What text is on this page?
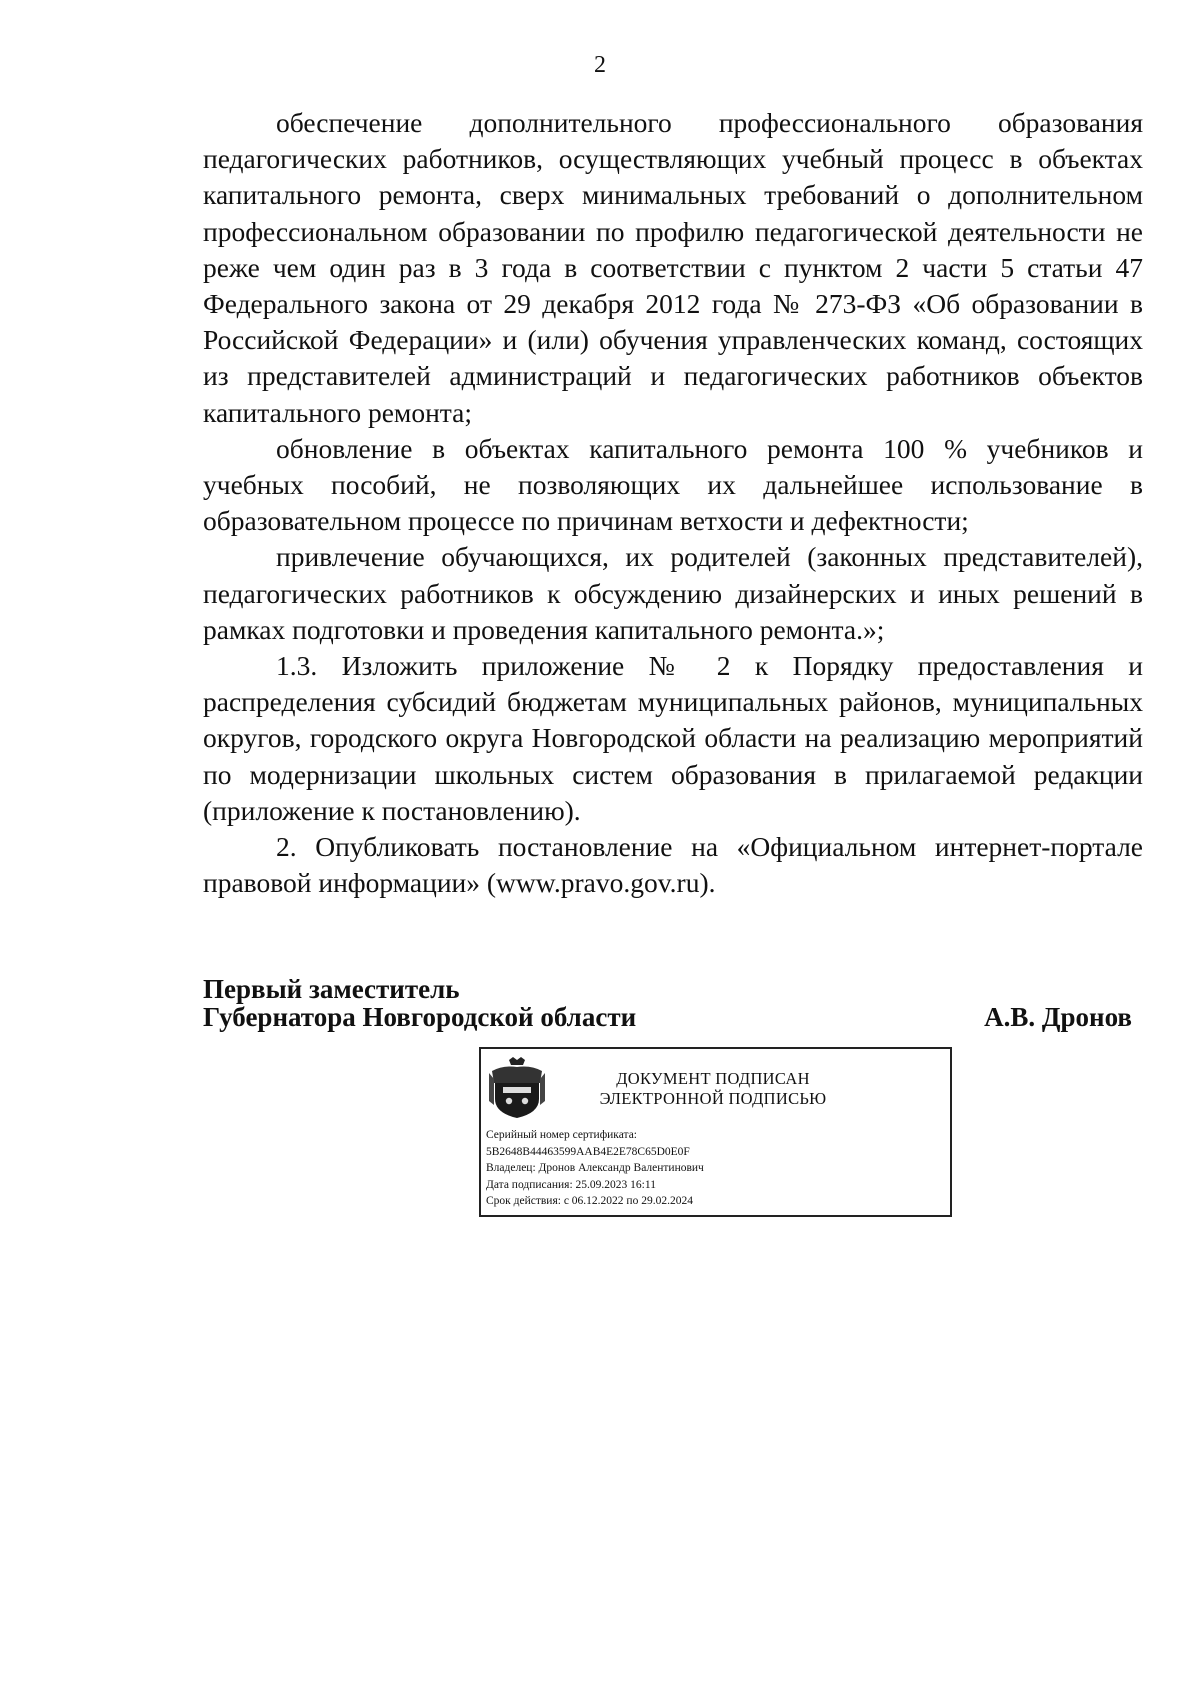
2

обеспечение дополнительного профессионального образования педагогических работников, осуществляющих учебный процесс в объектах капитального ремонта, сверх минимальных требований о дополнительном профессиональном образовании по профилю педагогической деятельности не реже чем один раз в 3 года в соответствии с пунктом 2 части 5 статьи 47 Федерального закона от 29 декабря 2012 года № 273-ФЗ «Об образовании в Российской Федерации» и (или) обучения управленческих команд, состоящих из представителей администраций и педагогических работников объектов капитального ремонта;

обновление в объектах капитального ремонта 100 % учебников и учебных пособий, не позволяющих их дальнейшее использование в образовательном процессе по причинам ветхости и дефектности;

привлечение обучающихся, их родителей (законных представителей), педагогических работников к обсуждению дизайнерских и иных решений в рамках подготовки и проведения капитального ремонта.»;

1.3. Изложить приложение № 2 к Порядку предоставления и распределения субсидий бюджетам муниципальных районов, муниципальных округов, городского округа Новгородской области на реализацию мероприятий по модернизации школьных систем образования в прилагаемой редакции (приложение к постановлению).

2. Опубликовать постановление на «Официальном интернет-портале правовой информации» (www.pravo.gov.ru).

Первый заместитель
Губернатора Новгородской области	А.В. Дронов
ДОКУМЕНТ ПОДПИСАН
ЭЛЕКТРОННОЙ ПОДПИСЬЮ
Серийный номер сертификата:
5B2648B44463599AAB4E2E78C65D0E0F
Владелец: Дронов Александр Валентинович
Дата подписания: 25.09.2023 16:11
Срок действия: с 06.12.2022 по 29.02.2024
